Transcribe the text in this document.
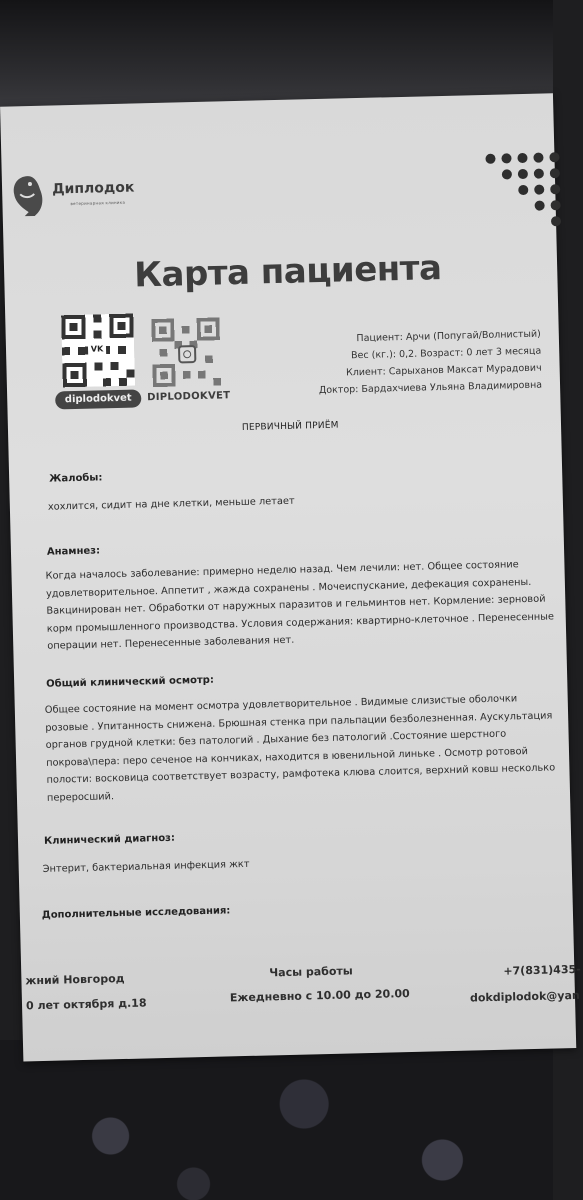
Диплодок
ветеринарная клиника
Карта пациента
VK
diplodokvet	DIPLODOKVET
Пациент: Арчи (Попугай/Волнистый)
Вес (кг.): 0,2. Возраст: 0 лет 3 месяца
Клиент: Сарыханов Максат Мурадович
Доктор: Бардахчиева Ульяна Владимировна
ПЕРВИЧНЫЙ ПРИЁМ
Жалобы:
хохлится, сидит на дне клетки, меньше летает
Анамнез:
Когда началось заболевание: примерно неделю назад. Чем лечили: нет. Общее состояние
удовлетворительное. Аппетит , жажда сохранены . Мочеиспускание, дефекация сохранены.
Вакцинирован нет. Обработки от наружных паразитов и гельминтов нет. Кормление: зерновой
корм промышленного производства. Условия содержания: квартирно-клеточное . Перенесенные
операции нет. Перенесенные заболевания нет.
Общий клинический осмотр:
Общее состояние на момент осмотра удовлетворительное . Видимые слизистые оболочки
розовые . Упитанность снижена. Брюшная стенка при пальпации безболезненная. Аускультация
органов грудной клетки: без патологий . Дыхание без патологий .Состояние шерстного
покрова\пера: перо сеченое на кончиках, находится в ювенильной линьке . Осмотр ротовой
полости: восковица соответствует возрасту, рамфотека клюва слоится, верхний ковш несколько
переросший.
Клинический диагноз:
Энтерит, бактериальная инфекция жкт
Дополнительные исследования:
жний Новгород
0 лет октября д.18
Часы работы
Ежедневно с 10.00 до 20.00
+7(831)435-
dokdiplodok@yan
